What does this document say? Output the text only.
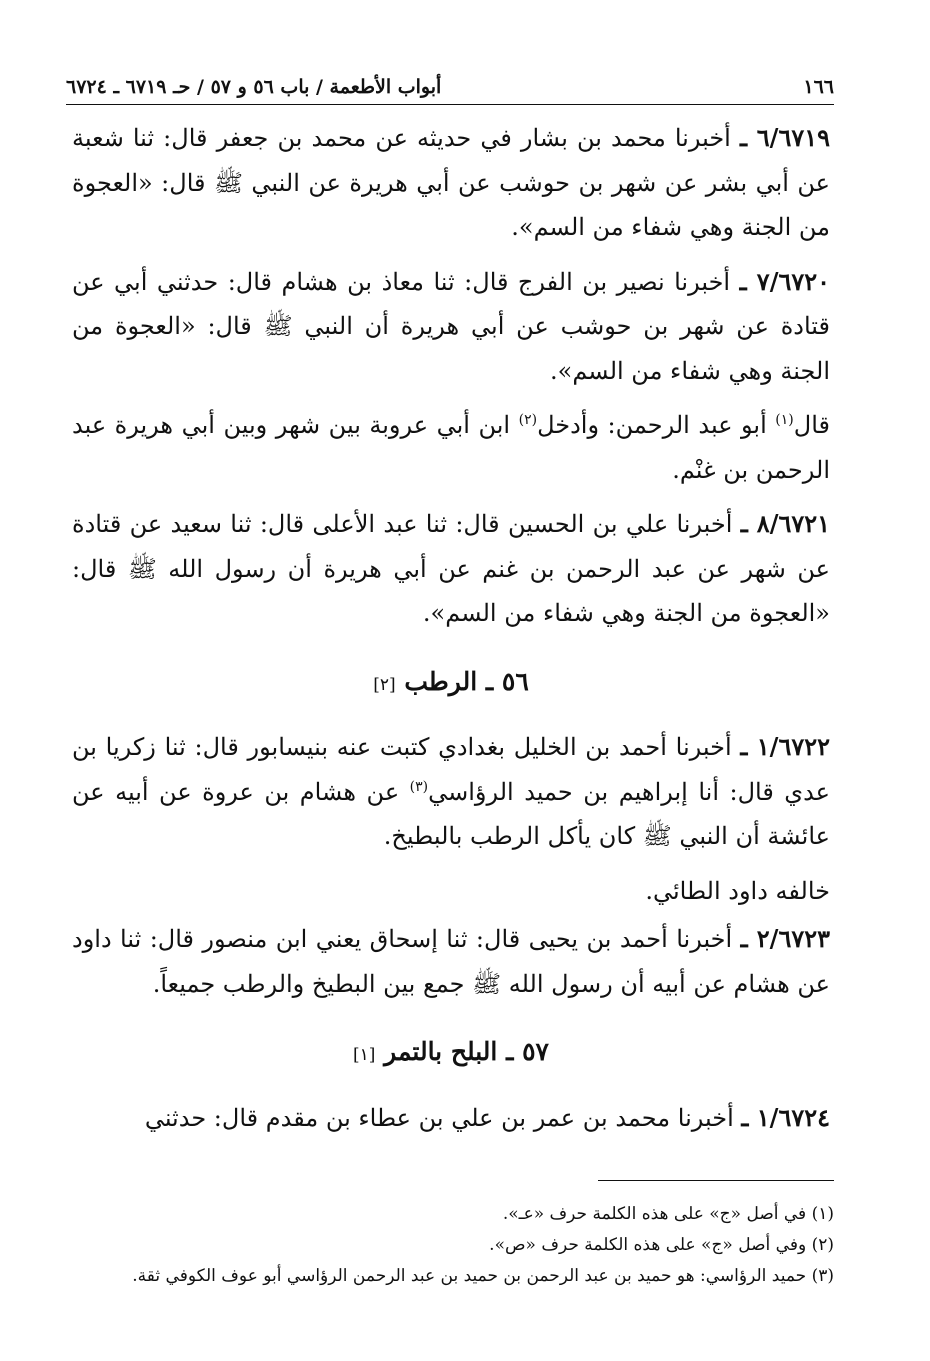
١٦٦
أبواب الأطعمة / باب ٥٦ و ٥٧ / حـ ٦٧١٩ ـ ٦٧٢٤

٦/٦٧١٩ ـ أخبرنا محمد بن بشار في حديثه عن محمد بن جعفر قال: ثنا شعبة عن أبي بشر عن شهر بن حوشب عن أبي هريرة عن النبي ﷺ قال: «العجوة من الجنة وهي شفاء من السم».

٧/٦٧٢٠ ـ أخبرنا نصير بن الفرج قال: ثنا معاذ بن هشام قال: حدثني أبي عن قتادة عن شهر بن حوشب عن أبي هريرة أن النبي ﷺ قال: «العجوة من الجنة وهي شفاء من السم».

قال$^{(١)}$ أبو عبد الرحمن: وأدخل$^{(٢)}$ ابن أبي عروبة بين شهر وبين أبي هريرة عبد الرحمن بن غنْم.

٨/٦٧٢١ ـ أخبرنا علي بن الحسين قال: ثنا عبد الأعلى قال: ثنا سعيد عن قتادة عن شهر عن عبد الرحمن بن غنم عن أبي هريرة أن رسول الله ﷺ قال: «العجوة من الجنة وهي شفاء من السم».

٥٦ ـ الرطب [٢]

١/٦٧٢٢ ـ أخبرنا أحمد بن الخليل بغدادي كتبت عنه بنيسابور قال: ثنا زكريا بن عدي قال: أنا إبراهيم بن حميد الرؤاسي$^{(٣)}$ عن هشام بن عروة عن أبيه عن عائشة أن النبي ﷺ كان يأكل الرطب بالبطيخ.

خالفه داود الطائي.

٢/٦٧٢٣ ـ أخبرنا أحمد بن يحيى قال: ثنا إسحاق يعني ابن منصور قال: ثنا داود عن هشام عن أبيه أن رسول الله ﷺ جمع بين البطيخ والرطب جميعاً.

٥٧ ـ البلح بالتمر [١]

١/٦٧٢٤ ـ أخبرنا محمد بن عمر بن علي بن عطاء بن مقدم قال: حدثني

(١) في أصل «ج» على هذه الكلمة حرف «عـ».

(٢) وفي أصل «ج» على هذه الكلمة حرف «ص».

(٣) حميد الرؤاسي: هو حميد بن عبد الرحمن بن حميد بن عبد الرحمن الرؤاسي أبو عوف الكوفي ثقة.
